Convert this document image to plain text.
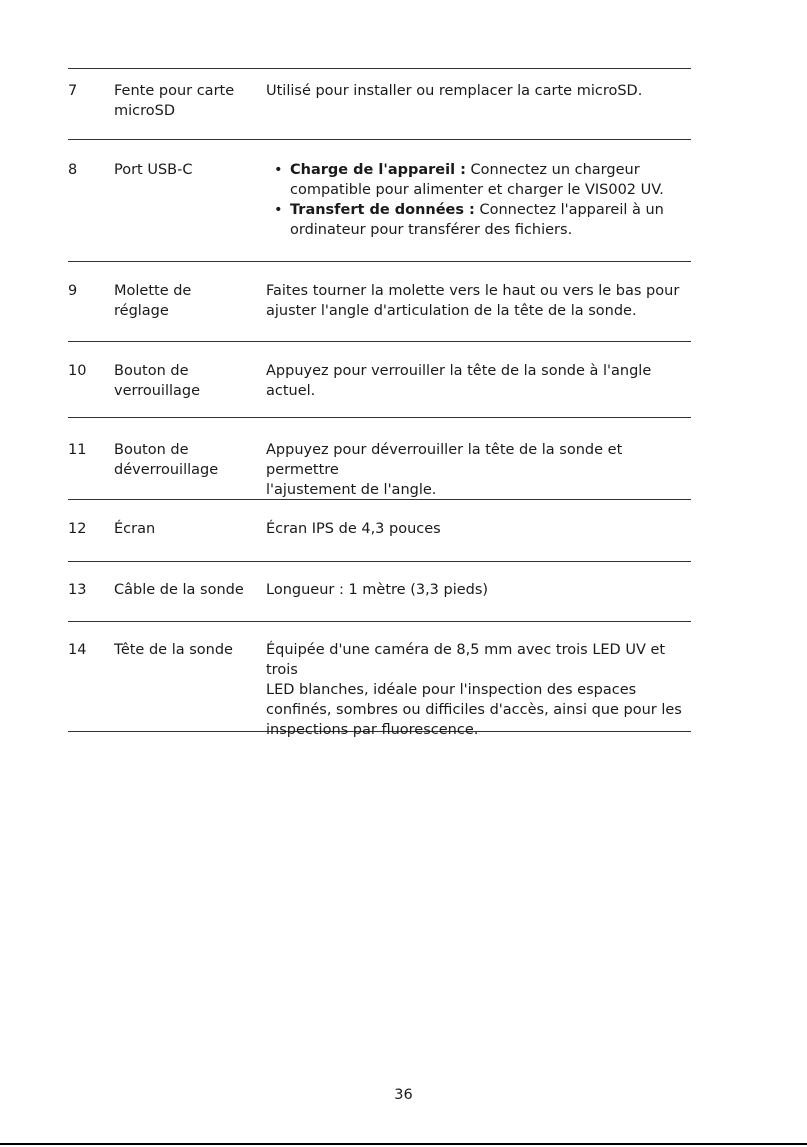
7	Fente pour carte
microSD
Utilisé pour installer ou remplacer la carte microSD.
8	Port USB-C
•	Charge de l'appareil : Connectez un chargeur
compatible pour alimenter et charger le VIS002 UV.
• Transfert de données : Connectez l'appareil à un
ordinateur pour transférer des fichiers.
9	Molette de
réglage
Faites tourner la molette vers le haut ou vers le bas pour
ajuster l'angle d'articulation de la tête de la sonde.
10	Bouton de
verrouillage
Appuyez pour verrouiller la tête de la sonde à l'angle
actuel.
11	Bouton de
déverrouillage
Appuyez pour déverrouiller la tête de la sonde et permettre
l'ajustement de l'angle.
12	Écran	Écran IPS de 4,3 pouces
13	Câble de la sonde	Longueur : 1 mètre (3,3 pieds)
14	Tête de la sonde	Équipée d'une caméra de 8,5 mm avec trois LED UV et trois
LED blanches, idéale pour l'inspection des espaces
confinés, sombres ou difficiles d'accès, ainsi que pour les
inspections par fluorescence.
36
